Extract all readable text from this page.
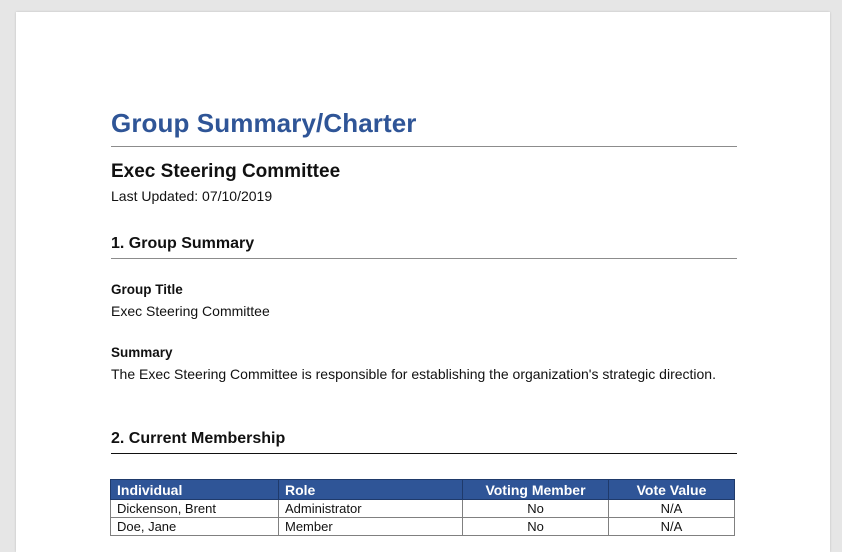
Group Summary/Charter
Exec Steering Committee
Last Updated: 07/10/2019
1. Group Summary
Group Title
Exec Steering Committee
Summary
The Exec Steering Committee is responsible for establishing the organization's strategic direction.
2. Current Membership
Individual	Role	Voting Member	Vote Value
Dickenson, Brent	Administrator	No	N/A
Doe, Jane	Member	No	N/A
